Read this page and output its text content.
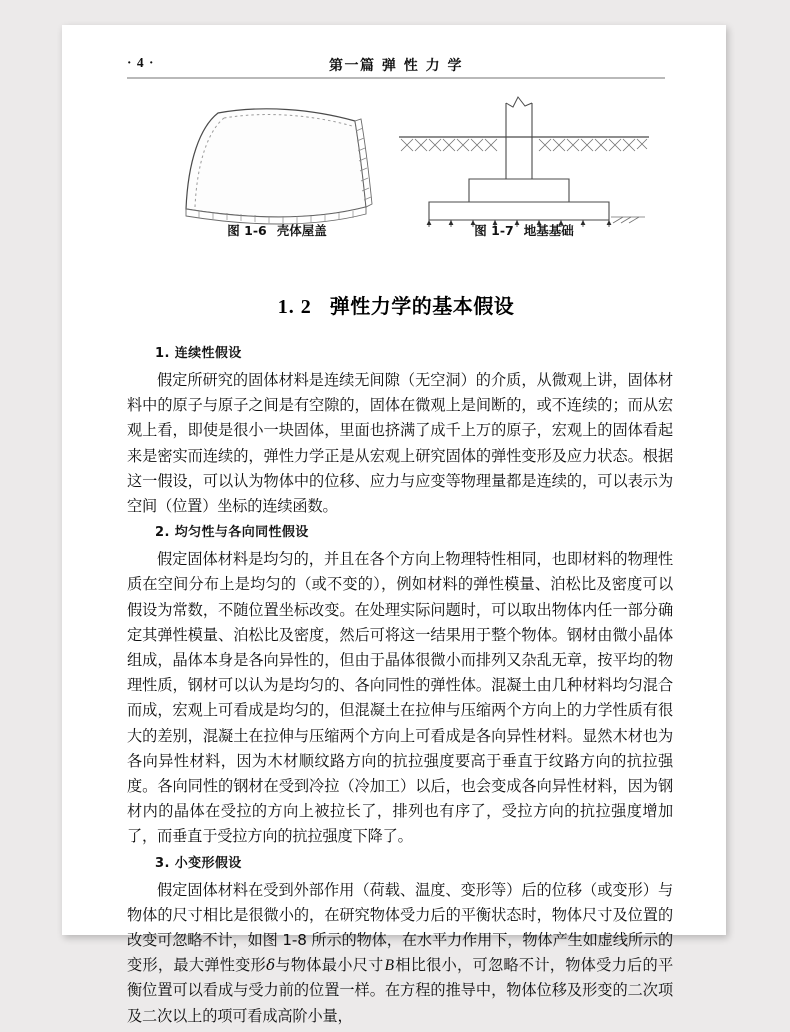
· 4 ·	第一篇 弹 性 力 学
图 1-6 壳体屋盖	图 1-7 地基基础
1. 2 弹性力学的基本假设
1. 连续性假设

假定所研究的固体材料是连续无间隙（无空洞）的介质，从微观上讲，固体材料中的原子与原子之间是有空隙的，固体在微观上是间断的，或不连续的；而从宏观上看，即使是很小一块固体，里面也挤满了成千上万的原子，宏观上的固体看起来是密实而连续的，弹性力学正是从宏观上研究固体的弹性变形及应力状态。根据这一假设，可以认为物体中的位移、应力与应变等物理量都是连续的，可以表示为空间（位置）坐标的连续函数。

2. 均匀性与各向同性假设

假定固体材料是均匀的，并且在各个方向上物理特性相同，也即材料的物理性质在空间分布上是均匀的（或不变的），例如材料的弹性模量、泊松比及密度可以假设为常数，不随位置坐标改变。在处理实际问题时，可以取出物体内任一部分确定其弹性模量、泊松比及密度，然后可将这一结果用于整个物体。钢材由微小晶体组成，晶体本身是各向异性的，但由于晶体很微小而排列又杂乱无章，按平均的物理性质，钢材可以认为是均匀的、各向同性的弹性体。混凝土由几种材料均匀混合而成，宏观上可看成是均匀的，但混凝土在拉伸与压缩两个方向上的力学性质有很大的差别，混凝土在拉伸与压缩两个方向上可看成是各向异性材料。显然木材也为各向异性材料，因为木材顺纹路方向的抗拉强度要高于垂直于纹路方向的抗拉强度。各向同性的钢材在受到冷拉（冷加工）以后，也会变成各向异性材料，因为钢材内的晶体在受拉的方向上被拉长了，排列也有序了，受拉方向的抗拉强度增加了，而垂直于受拉方向的抗拉强度下降了。

3. 小变形假设

假定固体材料在受到外部作用（荷载、温度、变形等）后的位移（或变形）与物体的尺寸相比是很微小的，在研究物体受力后的平衡状态时，物体尺寸及位置的改变可忽略不计，如图 1-8 所示的物体，在水平力作用下，物体产生如虚线所示的变形，最大弹性变形δ与物体最小尺寸B相比很小，可忽略不计，物体受力后的平衡位置可以看成与受力前的位置一样。在方程的推导中，物体位移及形变的二次项及二次以上的项可看成高阶小量，
